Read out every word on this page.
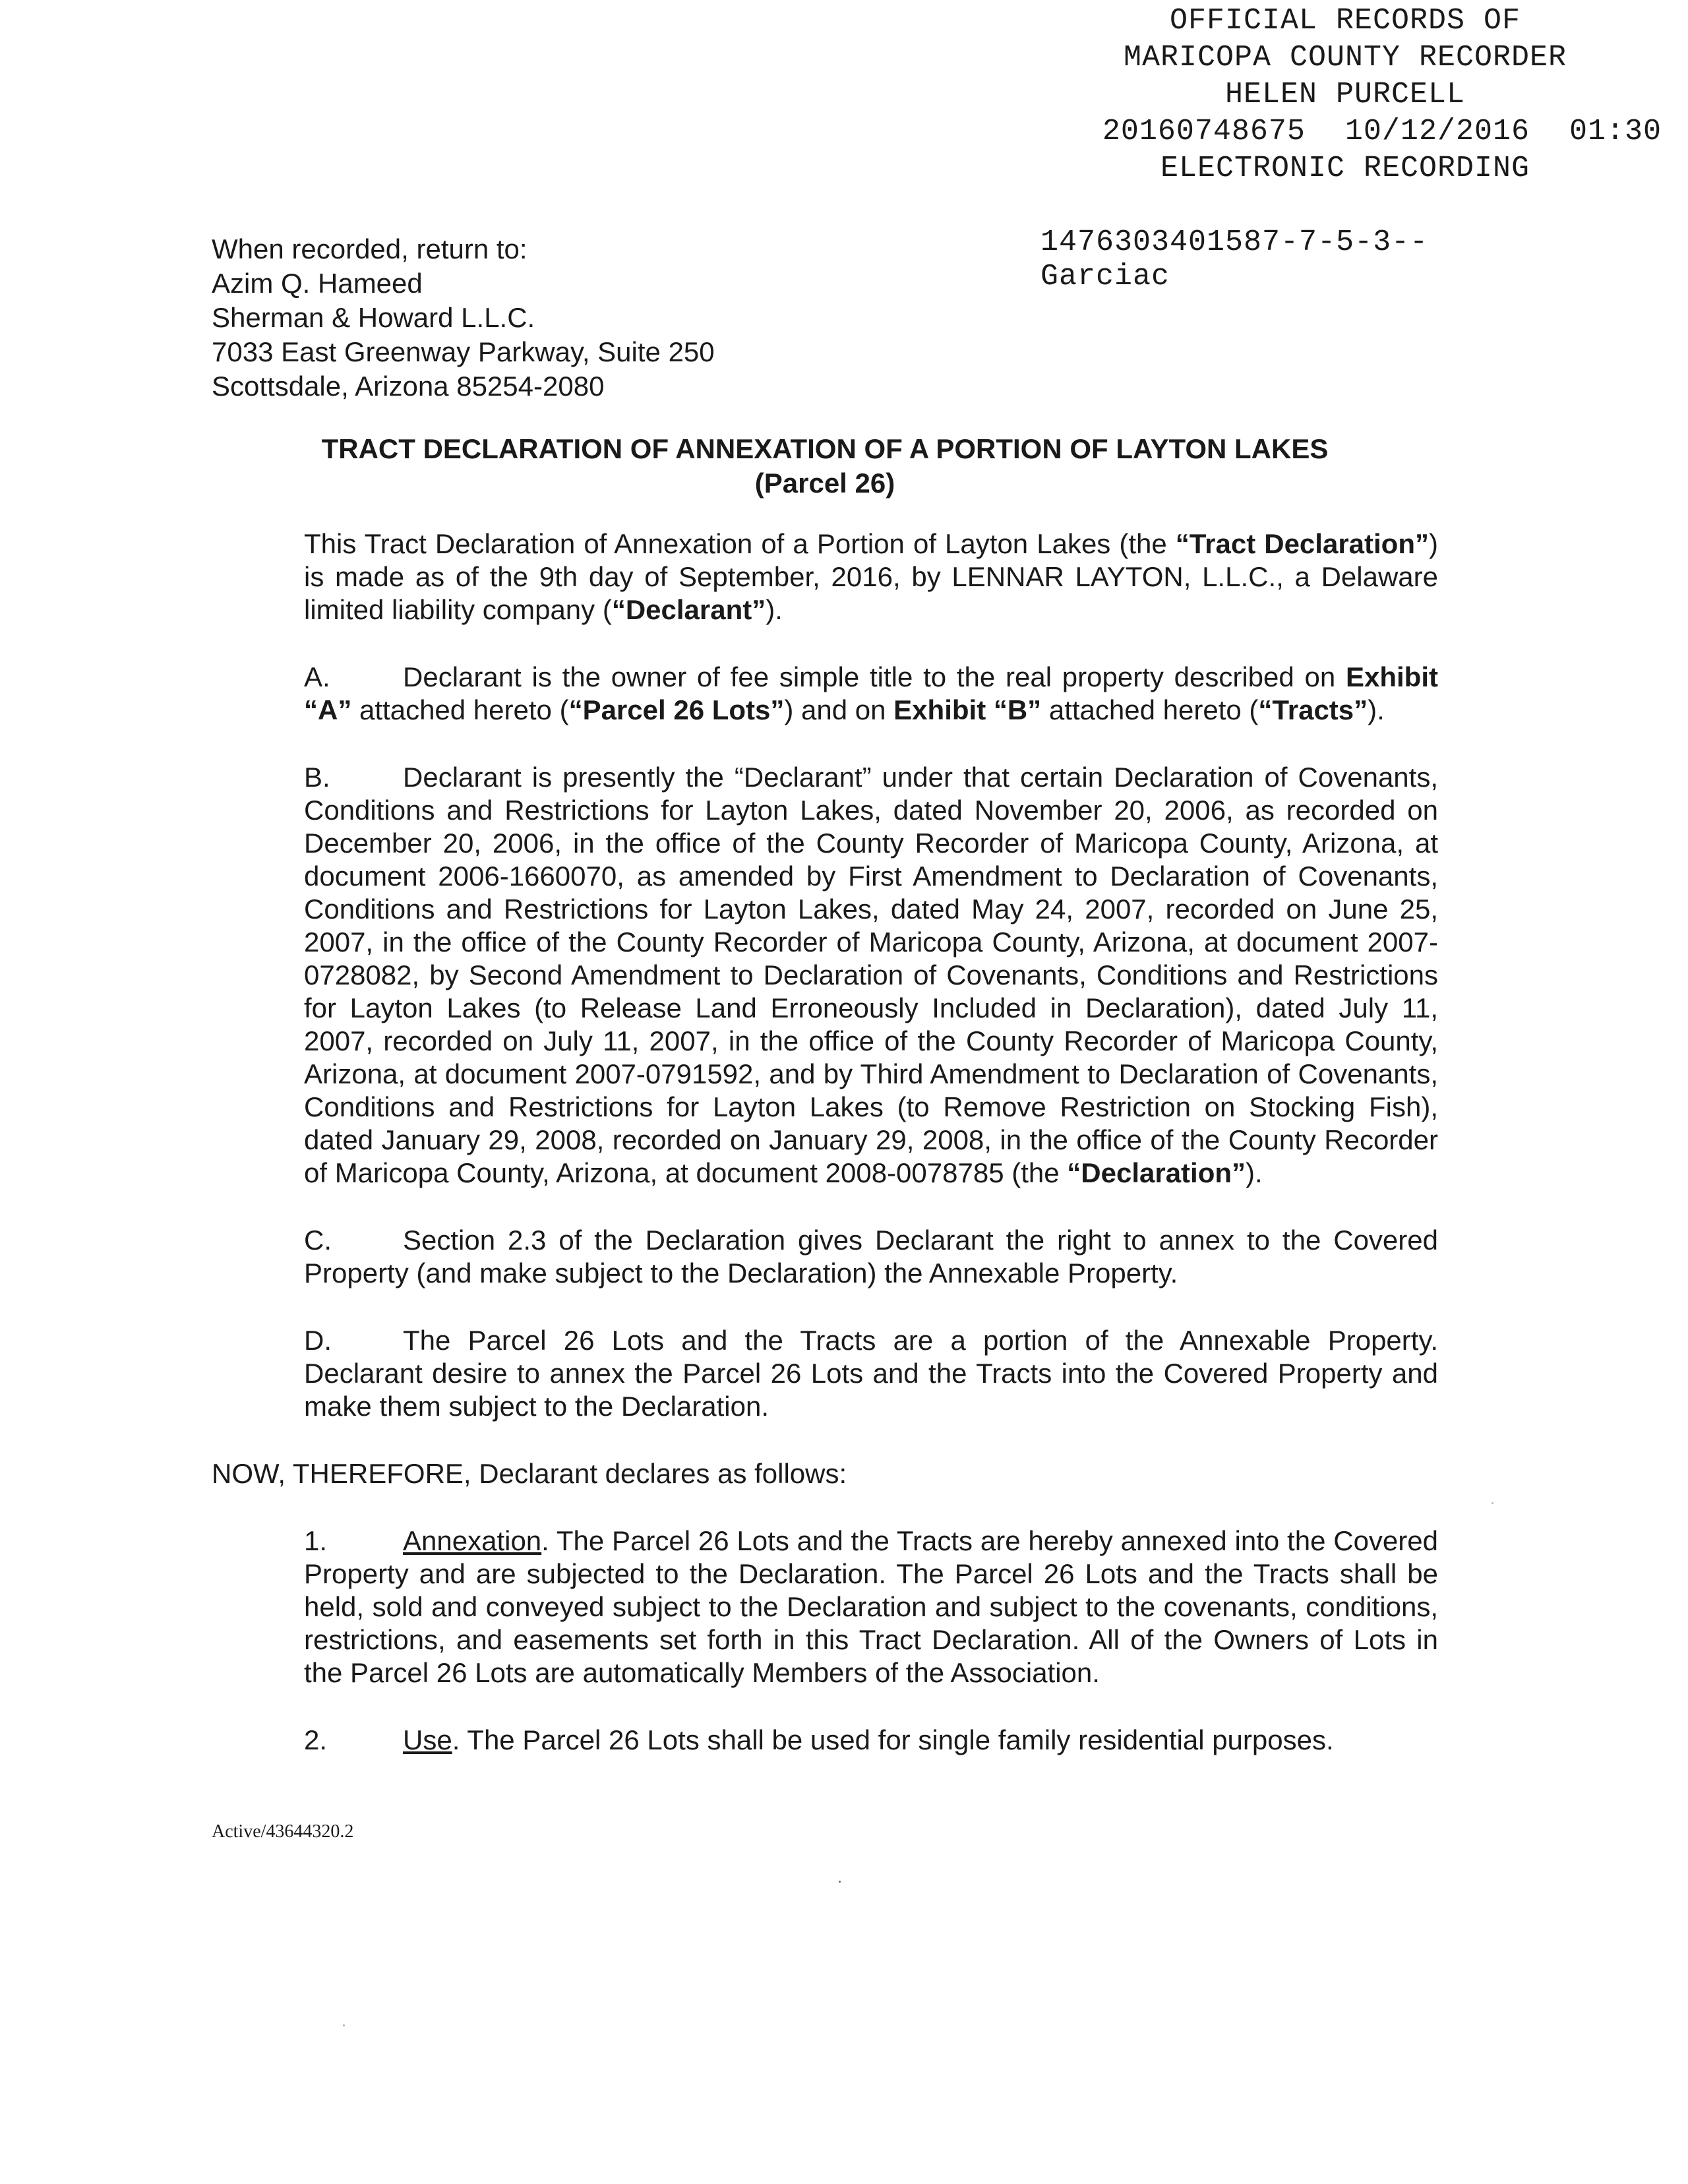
OFFICIAL RECORDS OF
MARICOPA COUNTY RECORDER
HELEN PURCELL
20160748675 10/12/2016 01:30
ELECTRONIC RECORDING
When recorded, return to:
Azim Q. Hameed
Sherman & Howard L.L.C.
7033 East Greenway Parkway, Suite 250
Scottsdale, Arizona 85254-2080
1476303401587-7-5-3--
Garciac
TRACT DECLARATION OF ANNEXATION OF A PORTION OF LAYTON LAKES
(Parcel 26)

This Tract Declaration of Annexation of a Portion of Layton Lakes (the “Tract Declaration”) is made as of the 9th day of September, 2016, by LENNAR LAYTON, L.L.C., a Delaware limited liability company (“Declarant”).

A.	Declarant is the owner of fee simple title to the real property described on Exhibit “A” attached hereto (“Parcel 26 Lots”) and on Exhibit “B” attached hereto (“Tracts”).

B.	Declarant is presently the “Declarant” under that certain Declaration of Covenants, Conditions and Restrictions for Layton Lakes, dated November 20, 2006, as recorded on December 20, 2006, in the office of the County Recorder of Maricopa County, Arizona, at document 2006-1660070, as amended by First Amendment to Declaration of Covenants, Conditions and Restrictions for Layton Lakes, dated May 24, 2007, recorded on June 25, 2007, in the office of the County Recorder of Maricopa County, Arizona, at document 2007-0728082, by Second Amendment to Declaration of Covenants, Conditions and Restrictions for Layton Lakes (to Release Land Erroneously Included in Declaration), dated July 11, 2007, recorded on July 11, 2007, in the office of the County Recorder of Maricopa County, Arizona, at document 2007-0791592, and by Third Amendment to Declaration of Covenants, Conditions and Restrictions for Layton Lakes (to Remove Restriction on Stocking Fish), dated January 29, 2008, recorded on January 29, 2008, in the office of the County Recorder of Maricopa County, Arizona, at document 2008-0078785 (the “Declaration”).

C.	Section 2.3 of the Declaration gives Declarant the right to annex to the Covered Property (and make subject to the Declaration) the Annexable Property.

D.	The Parcel 26 Lots and the Tracts are a portion of the Annexable Property. Declarant desire to annex the Parcel 26 Lots and the Tracts into the Covered Property and make them subject to the Declaration.

NOW, THEREFORE, Declarant declares as follows:

1.	Annexation. The Parcel 26 Lots and the Tracts are hereby annexed into the Covered Property and are subjected to the Declaration. The Parcel 26 Lots and the Tracts shall be held, sold and conveyed subject to the Declaration and subject to the covenants, conditions, restrictions, and easements set forth in this Tract Declaration. All of the Owners of Lots in the Parcel 26 Lots are automatically Members of the Association.

2.	Use. The Parcel 26 Lots shall be used for single family residential purposes.

Active/43644320.2
